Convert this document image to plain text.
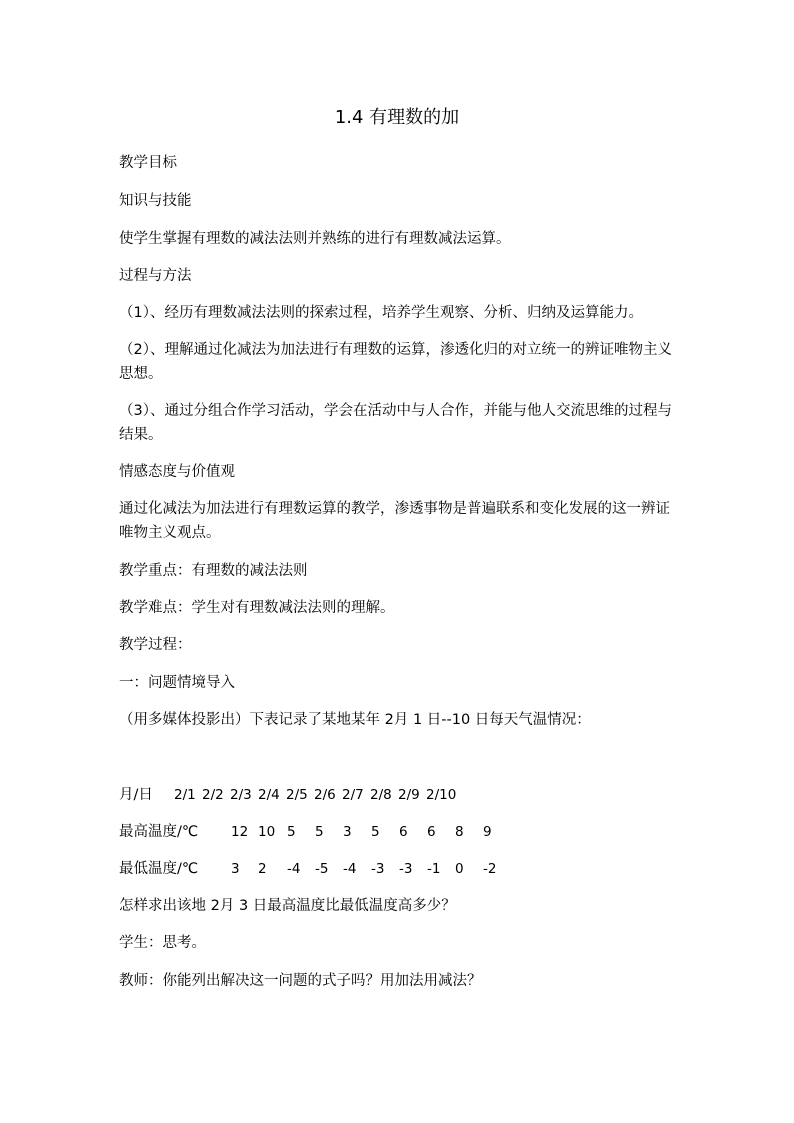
1.4 有理数的加
教学目标
知识与技能
使学生掌握有理数的减法法则并熟练的进行有理数减法运算。
过程与方法
（1）、经历有理数减法法则的探索过程，培养学生观察、分析、归纳及运算能力。
（2）、理解通过化减法为加法进行有理数的运算，渗透化归的对立统一的辨证唯物主义思想。
（3）、通过分组合作学习活动，学会在活动中与人合作，并能与他人交流思维的过程与结果。
情感态度与价值观
通过化减法为加法进行有理数运算的教学，渗透事物是普遍联系和变化发展的这一辨证唯物主义观点。
教学重点：有理数的减法法则
教学难点：学生对有理数减法法则的理解。
教学过程：
一：问题情境导入
（用多媒体投影出）下表记录了某地某年 2月 1 日--10 日每天气温情况：
月/日 2/1 2/2 2/3 2/4 2/5 2/6 2/7 2/8 2/9 2/10
最高温度/℃ 12 10 5 5 3 5 6 6 8 9
最低温度/℃ 3 2 -4 -5 -4 -3 -3 -1 0 -2
怎样求出该地 2月 3 日最高温度比最低温度高多少？
学生：思考。
教师：你能列出解决这一问题的式子吗？用加法用减法？
